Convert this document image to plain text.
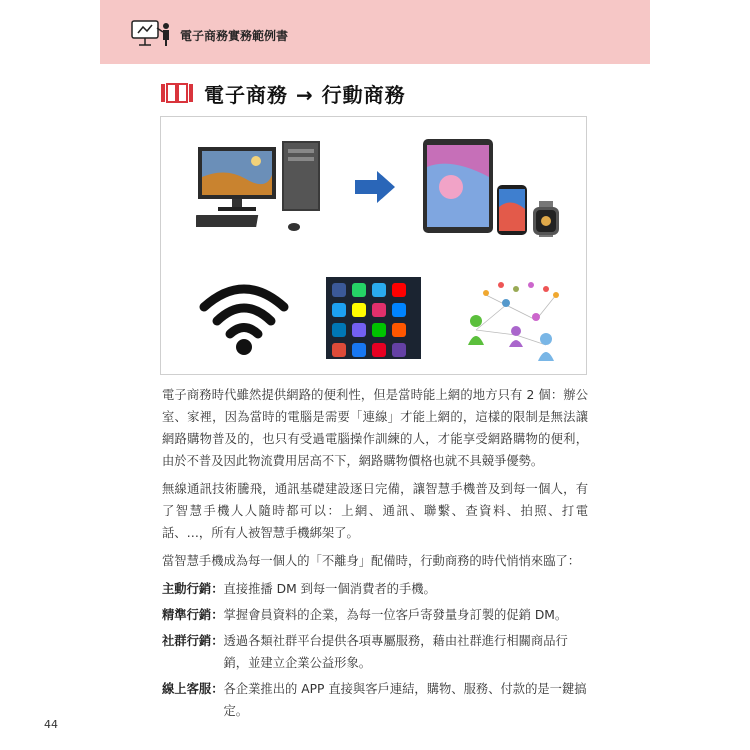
電子商務實務範例書
電子商務 → 行動商務

電子商務時代雖然提供網路的便利性，但是當時能上網的地方只有 2 個：辦公室、家裡，因為當時的電腦是需要「連線」才能上網的，這樣的限制是無法讓網路購物普及的，也只有受過電腦操作訓練的人，才能享受網路購物的便利，由於不普及因此物流費用居高不下，網路購物價格也就不具競爭優勢。

無線通訊技術騰飛，通訊基礎建設逐日完備，讓智慧手機普及到每一個人，有了智慧手機人人隨時都可以：上網、通訊、聯繫、查資料、拍照、打電話、…，所有人被智慧手機綁架了。

當智慧手機成為每一個人的「不離身」配備時，行動商務的時代悄悄來臨了：

主動行銷： 直接推播 DM 到每一個消費者的手機。
精準行銷： 掌握會員資料的企業，為每一位客戶寄發量身訂製的促銷 DM。
社群行銷： 透過各類社群平台提供各項專屬服務，藉由社群進行相關商品行銷，並建立企業公益形象。
線上客服： 各企業推出的 APP 直接與客戶連結，購物、服務、付款的是一鍵搞定。
44
